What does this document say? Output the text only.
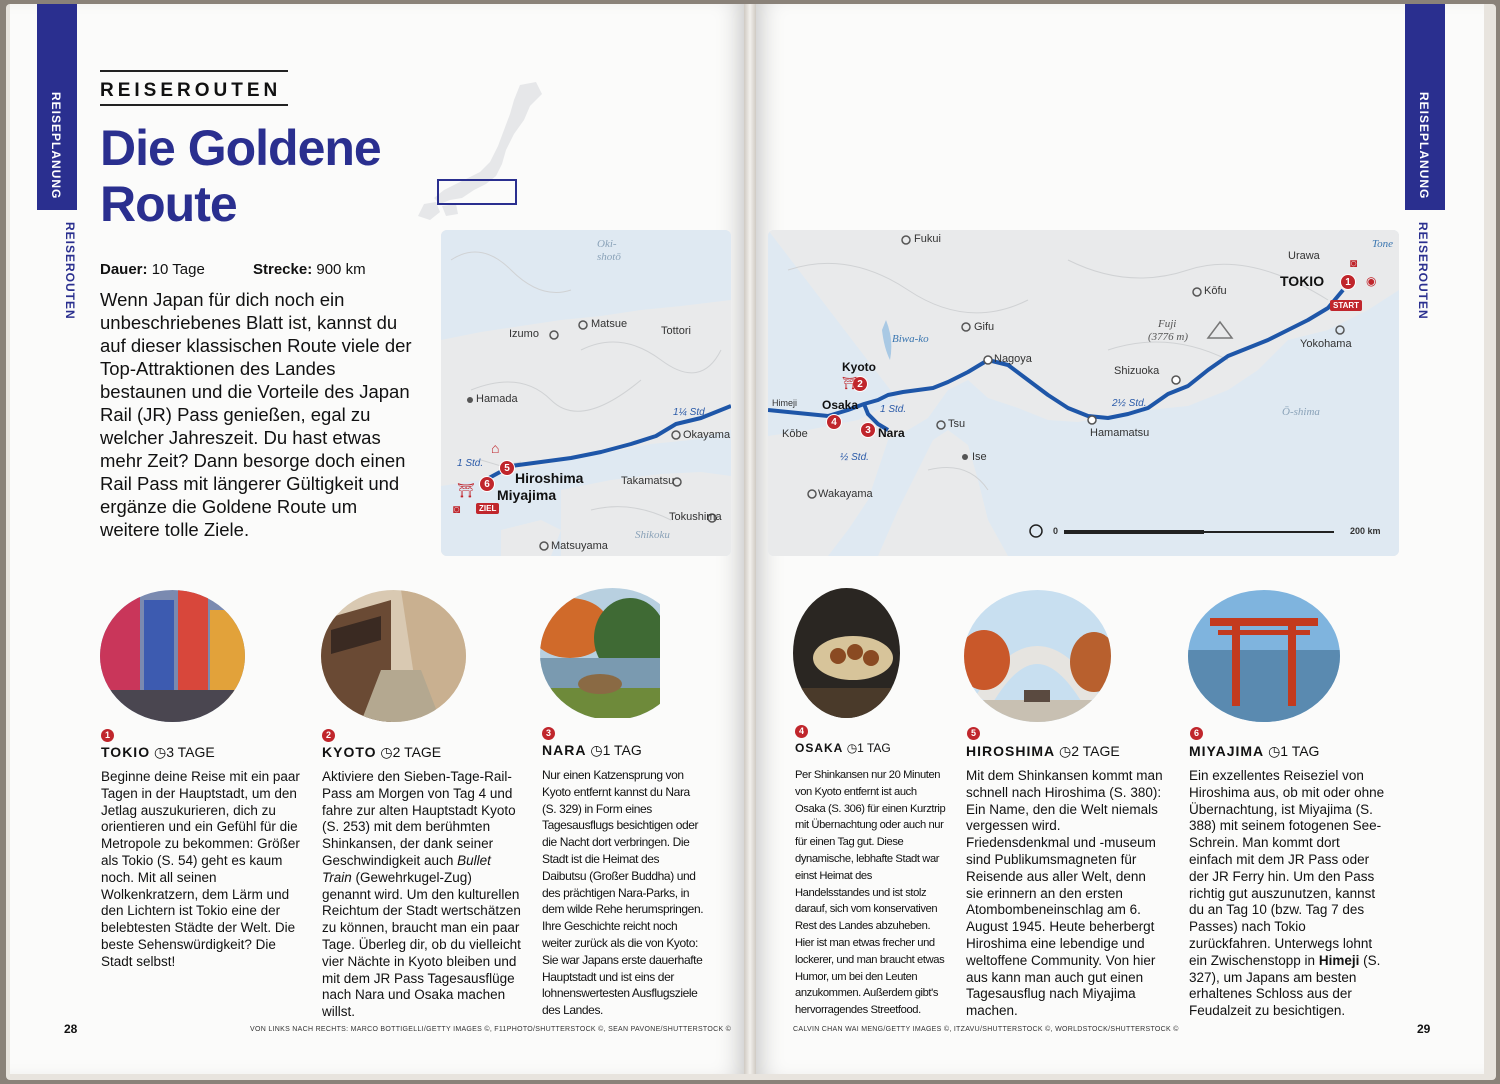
REISEPLANUNG
REISEROUTEN
REISEPLANUNG
REISEROUTEN
REISEROUTEN
Die Goldene
Route
Dauer: 10 Tage	Strecke: 900 km
Wenn Japan für dich noch ein unbeschriebenes Blatt ist, kannst du auf dieser klassischen Route viele der Top-Attraktionen des Landes bestaunen und die Vorteile des Japan Rail (JR) Pass genießen, egal zu welcher Jahreszeit. Du hast etwas mehr Zeit? Dann besorge doch einen Rail Pass mit längerer Gültigkeit und ergänze die Goldene Route um weitere tolle Ziele.
Oki-
shotō
Izumo
Matsue
Tottori
Hamada
Okayama
Hiroshima
Miyajima
Takamatsu
Tokushima
Matsuyama
Shikoku
1 Std.
1¼ Std.
5
6
ZIEL
⌂
⛩
◙
Fukui
Gifu
Biwa-ko
Kyoto
Osaka
Nara
Himeji
Kōbe
Wakayama
Tsu
Ise
Nagoya
Hamamatsu
Shizuoka
Fuji
(3776 m)
Kōfu
Urawa
Tone
TOKIO
Yokohama
Ō-shima
1 Std.
½ Std.
2½ Std.
1
START
2
3
4
⛩
◙
◉
0	200 km
1
TOKIO ◷3 TAGE
Beginne deine Reise mit ein paar Tagen in der Hauptstadt, um den Jetlag auszukurieren, dich zu orientieren und ein Gefühl für die Metropole zu bekommen: Größer als Tokio (S. 54) geht es kaum noch. Mit all seinen Wolkenkratzern, dem Lärm und den Lichtern ist Tokio eine der belebtesten Städte der Welt. Die beste Sehenswürdigkeit? Die Stadt selbst!
2
KYOTO ◷2 TAGE
Aktiviere den Sieben-Tage-Rail-Pass am Morgen von Tag 4 und fahre zur alten Hauptstadt Kyoto (S. 253) mit dem berühmten Shinkansen, der dank seiner Geschwindigkeit auch Bullet Train (Gewehrkugel-Zug) genannt wird. Um den kulturellen Reichtum der Stadt wertschätzen zu können, braucht man ein paar Tage. Überleg dir, ob du vielleicht vier Nächte in Kyoto bleiben und mit dem JR Pass Tagesausflüge nach Nara und Osaka machen willst.
3
NARA ◷1 TAG
Nur einen Katzensprung von Kyoto entfernt kannst du Nara (S. 329) in Form eines Tagesausflugs besichtigen oder die Nacht dort verbringen. Die Stadt ist die Heimat des Daibutsu (Großer Buddha) und des prächtigen Nara-Parks, in dem wilde Rehe herumspringen. Ihre Geschichte reicht noch weiter zurück als die von Kyoto: Sie war Japans erste dauerhafte Hauptstadt und ist eins der lohnenswertesten Ausflugsziele des Landes.
4
OSAKA ◷1 TAG
Per Shinkansen nur 20 Minuten von Kyoto entfernt ist auch Osaka (S. 306) für einen Kurztrip mit Übernachtung oder auch nur für einen Tag gut. Diese dynamische, lebhafte Stadt war einst Heimat des Handelsstandes und ist stolz darauf, sich vom konservativen Rest des Landes abzuheben. Hier ist man etwas frecher und lockerer, und man braucht etwas Humor, um bei den Leuten anzukommen. Außerdem gibt's hervorragendes Streetfood.
5
HIROSHIMA ◷2 TAGE
Mit dem Shinkansen kommt man schnell nach Hiroshima (S. 380): Ein Name, den die Welt niemals vergessen wird. Friedensdenkmal und -museum sind Publikumsmagneten für Reisende aus aller Welt, denn sie erinnern an den ersten Atombombeneinschlag am 6. August 1945. Heute beherbergt Hiroshima eine lebendige und weltoffene Community. Von hier aus kann man auch gut einen Tagesausflug nach Miyajima machen.
6
MIYAJIMA ◷1 TAG
Ein exzellentes Reiseziel von Hiroshima aus, ob mit oder ohne Übernachtung, ist Miyajima (S. 388) mit seinem fotogenen See-Schrein. Man kommt dort einfach mit dem JR Pass oder der JR Ferry hin. Um den Pass richtig gut auszunutzen, kannst du an Tag 10 (bzw. Tag 7 des Passes) nach Tokio zurückfahren. Unterwegs lohnt ein Zwischenstopp in Himeji (S. 327), um Japans am besten erhaltenes Schloss aus der Feudalzeit zu besichtigen.
28	VON LINKS NACH RECHTS: MARCO BOTTIGELLI/GETTY IMAGES ©, F11PHOTO/SHUTTERSTOCK ©, SEAN PAVONE/SHUTTERSTOCK ©	CALVIN CHAN WAI MENG/GETTY IMAGES ©, ITZAVU/SHUTTERSTOCK ©, WORLDSTOCK/SHUTTERSTOCK ©	29
